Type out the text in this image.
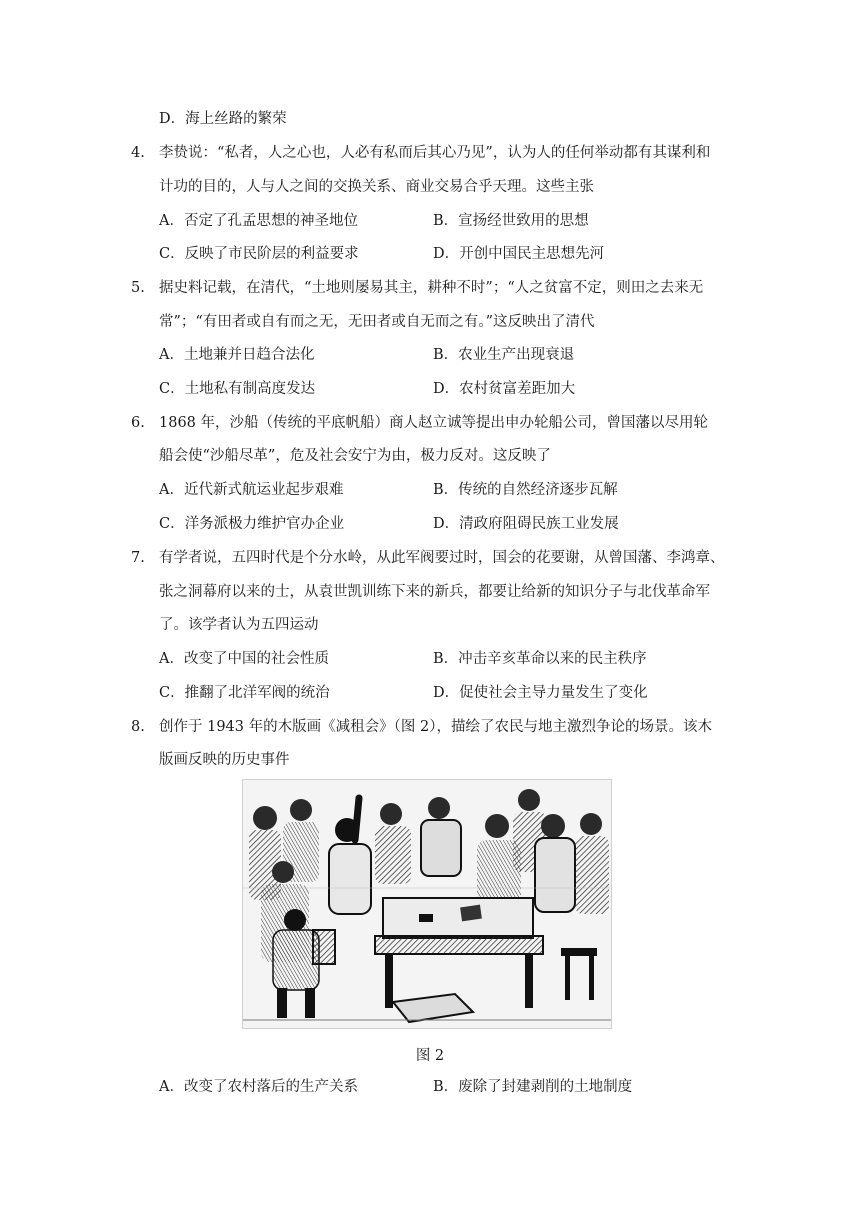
D．海上丝路的繁荣
4. 李贽说：“私者，人之心也，人必有私而后其心乃见”，认为人的任何举动都有其谋利和
计功的目的，人与人之间的交换关系、商业交易合乎天理。这些主张
A．否定了孔孟思想的神圣地位	B．宣扬经世致用的思想
C．反映了市民阶层的利益要求	D．开创中国民主思想先河
5. 据史料记载，在清代，“土地则屡易其主，耕种不时”；“人之贫富不定，则田之去来无
常”；“有田者或自有而之无，无田者或自无而之有。”这反映出了清代
A．土地兼并日趋合法化	B．农业生产出现衰退
C．土地私有制高度发达	D．农村贫富差距加大
6. 1868 年，沙船（传统的平底帆船）商人赵立诚等提出申办轮船公司，曾国藩以尽用轮
船会使“沙船尽革”，危及社会安宁为由，极力反对。这反映了
A．近代新式航运业起步艰难	B．传统的自然经济逐步瓦解
C．洋务派极力维护官办企业	D．清政府阻碍民族工业发展
7. 有学者说，五四时代是个分水岭，从此军阀要过时，国会的花要谢，从曾国藩、李鸿章、
张之洞幕府以来的士，从袁世凯训练下来的新兵，都要让给新的知识分子与北伐革命军
了。该学者认为五四运动
A．改变了中国的社会性质	B．冲击辛亥革命以来的民主秩序
C．推翻了北洋军阀的统治	D．促使社会主导力量发生了变化
8. 创作于 1943 年的木版画《减租会》（图 2），描绘了农民与地主激烈争论的场景。该木
版画反映的历史事件
图 2
A．改变了农村落后的生产关系	B．废除了封建剥削的土地制度
